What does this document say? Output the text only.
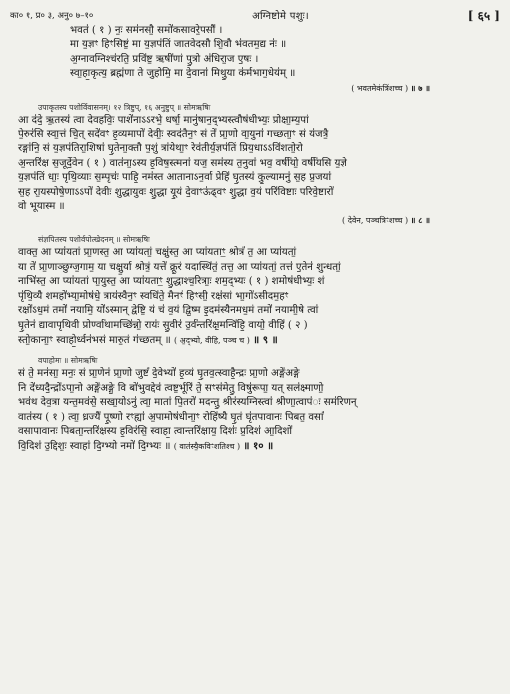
का० १, प्र० ३, अनु० ७–१०	अग्निष्टोमे पशुः।	[ ६५ ]
भवत॑ ( १ ) नः॒ सम॑नसौ॒ समो॑कसावरे॒पसौ॑ ।
मा य॒ज्ञꣳ हिꣳसिष्टं॒ मा य॒ज्ञप॑तिं जातवेदसौ शि॒वौ भ॑वतम॒द्य नः॑ ॥
अ॒ग्नावग्निश्च॑रति॒ प्रवि॑ष्ट॒ ऋषी॑णां पु॒त्रो अ॑धिरा॒ज ए॒षः ।
स्वा॒हा॒कृत्य॒ ब्रह्म॑णा ते जुहोमि॒ मा दे॒वाना॑ मिथु॒या क॑र्मभाग॒धेय॑म् ॥
( भवतमेकंत्रिंशच्च ) ॥ ७ ॥
उपाकृतस्य पशोर्विवासनम्‌। १२ त्रिष्टुप्‌, १६ अनुष्टुप्‌ ॥ सोमऋषिः
आ द॑दे॒ ऋ॒तस्य॑ त्वा देवहविः॒ पाशे॑नाऽऽरभे॒ धर्षा॒ मानु॑षान॒द्भ्यस्त्वौष॑धीभ्यः॒ प्रोक्षा॒म्य॒पां
पे॒रुर॑सि स्वा॒त्तं चि॒त् सदे॑वꣳ ह॒व्यमापो॑ देवीः॒ स्वद॑तैन॒ꣳ सं ते॑ प्रा॒णो वा॒युना॑ गच्छता॒ꣳ सं य॑जत्रै॒
रङ्गा॑नि॒ सं य॒ज्ञप॑तिरा॒शिषा॑ घृ॒तेना॒क्तौ प॒शुं त्रा॑येथा॒ꣳ रेव॑तीर्य॒ज्ञप॑तिं प्रिय॒धाऽऽवि॑शतो॒रो
अ॒न्तरि॑क्ष स॒जूर्दे॒वेन ( १ ) वात॑ना॒ऽस्य ह॒विष॒स्त्मना॑ यज॒ सम॑स्य त॒नुवा॑ भव॒ वर्षी॑यो॒ वर्षी॑यसि य॒ज्ञे
य॒ज्ञप॑तिं धाः॒ पृथि॒व्याः स॒म्पृचः॑ पाहि॒ नम॑स्त आतानाऽन॒र्वा प्रेहि॑ घृ॒तस्य॑ कु॒ल्यामनु॑ स॒ह प्र॒जया॑
स॒ह रा॒यस्पोषे॒णाऽऽपो॑ देवीः शुद्धायुवः शु॒द्धा यू॒यं दे॒वाꣳऊ॑ढ्वꣳ शु॒द्धा व॒यं परि॑विष्टाः परिवे॒ष्टारो॑
वो भूयास्म ॥
( देवेन, पञ्चत्रिꣳशच्च ) ॥ ८ ॥
संज्ञपितस्य पशोर्वपोत्खेदनम्‌ ॥ सोमऋषिः
वाक्त॒ आ प्या॑यतां प्रा॒णस्त॒ आ प्या॑यतां॒ चक्षु॑स्त॒ आ प्या॑यताꣳ॒ श्रोत्रं॑ त॒ आ प्या॑यतां॒
या ते॑ प्रा॒णाञ्छुग्ज॒गाम॒ या चक्षु॒र्या श्रोत्रं॒ यत्ते॑ क्रू॒रं यदास्थि॑तं॒ तत्त॒ आ प्या॑यतां॒ तत्त॑ ए॒तेन॑ शुन्धतां॒
नाभि॑स्त॒ आ प्या॑यतां पा॒युस्त॒ आ प्या॑यताꣳ॒ शु॒द्धाश्च॒रित्राः॒ शम॒द्भ्यः ( १ ) शमोष॑धीभ्यः॒ शं
पृ॑थि॒व्यै शमहो॑भ्या॒मोष॑धे॒ त्राय॑स्वैन॒ꣳ स्वधि॑ते॒ मैनꣳ॑ हिꣳसी॒ रक्ष॑सां भा॒गो॑ऽसीदम॒हꣳ
रक्षो॑ऽध॒मं तमो॑ नयामि॒ यो॑ऽस्मान् द्वेष्टि॒ यं च॑ व॒यं द्वि॒ष्म इ॒दम॑स्यैनमध॒मं तमो॑ नयामी॒षे त्वा॑
घृ॒तेन॑ द्यावापृथिवी प्रोर्ण्वा॑थामच्छि॑न्नो॒ रायः॑ सु॒वीर॑ उ॒र्व॑न्तरि॑क्ष॒मन्वि॑हि॒ वायो॒ वीहि॑ ( २ )
स्तो॒काना॒ꣳ स्वाहो॒र्ध्वन॑भसं मारु॒तं ग॑च्छतम् ॥ ( अ॒द्भ्यो, वीहि, पञ्च च ) ॥ ९ ॥
वपाहोमः ॥ सोमऋषिः
सं ते॒ मन॑सा॒ मनः॒ सं प्रा॒णेन॑ प्रा॒णो जुष्टं॑ दे॒वेभ्यो॑ ह॒व्यं घृ॒तव॒त्स्वाहै॒न्द्रः प्रा॒णो अङ्गे॑अङ्गे
नि दे॑ध्यदै॒न्द्रो॑ऽपा॒नो अङ्गे॑अङ्गे॒ वि बो॑भुवद्देव॑ त्वष्ट॒र्भूरि॑ ते॒ सꣳस॑मेतु॒ विषु॑रूपा॒ यत् सल॑क्ष्माणो॒
भव॑थ देव॒त्रा यन्त॒मव॑से॒ सखा॒योऽनु॑ त्वा॒ माता॑ पि॒तरो॑ मदन्तु॒ श्रीर॑स्यग्निस्त्वा॑ श्रीणा॒त्वाप॑ः सम॑रिणन्
वात॑स्य ( १ ) त्वा॒ ध्रज्यै॑ पू॒ष्णो रꣳह्या॑ अ॒पामोष॑धीना॒ꣳ रोहि॑ष्यै घृ॒तं घृ॑तपावानः पिबत॒ वसां॑
वसापावानः पिबता॒न्तरि॑क्षस्य ह॒विर॑सि॒ स्वाहा॒ त्वान्तरि॑क्षाय॒ दिशः॑ प्र॒दिश॑ आ॒दिशो॑
वि॒दिश॑ उ॒द्दिशः॒ स्वाहा॑ दि॒ग्भ्यो नमो॑ दि॒ग्भ्यः ॥ ( वात॑स्यै॒कविꣳशतिश्च ) ॥ १० ॥
